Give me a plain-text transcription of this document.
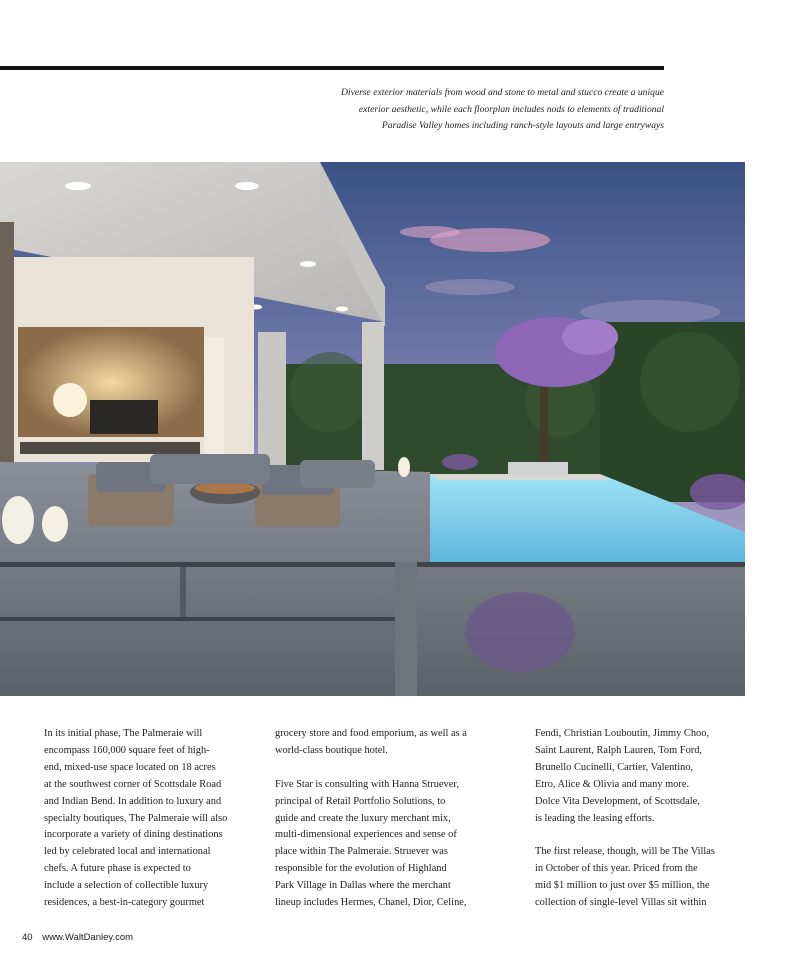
Diverse exterior materials from wood and stone to metal and stucco create a unique
exterior aesthetic, while each floorplan includes nods to elements of traditional
Paradise Valley homes including ranch-style layouts and large entryways
In its initial phase, The Palmeraie will
encompass 160,000 square feet of high-
end, mixed-use space located on 18 acres
at the southwest corner of Scottsdale Road
and Indian Bend. In addition to luxury and
specialty boutiques, The Palmeraie will also
incorporate a variety of dining destinations
led by celebrated local and international
chefs. A future phase is expected to
include a selection of collectible luxury
residences, a best-in-category gourmet
grocery store and food emporium, as well as a
world-class boutique hotel.
Five Star is consulting with Hanna Struever,
principal of Retail Portfolio Solutions, to
guide and create the luxury merchant mix,
multi-dimensional experiences and sense of
place within The Palmeraie. Struever was
responsible for the evolution of Highland
Park Village in Dallas where the merchant
lineup includes Hermes, Chanel, Dior, Celine,
Fendi, Christian Louboutin, Jimmy Choo,
Saint Laurent, Ralph Lauren, Tom Ford,
Brunello Cucinelli, Cartier, Valentino,
Etro, Alice & Olivia and many more.
Dolce Vita Development, of Scottsdale,
is leading the leasing efforts.
The first release, though, will be The Villas
in October of this year. Priced from the
mid $1 million to just over $5 million, the
collection of single-level Villas sit within
40 www.WaltDanley.com
